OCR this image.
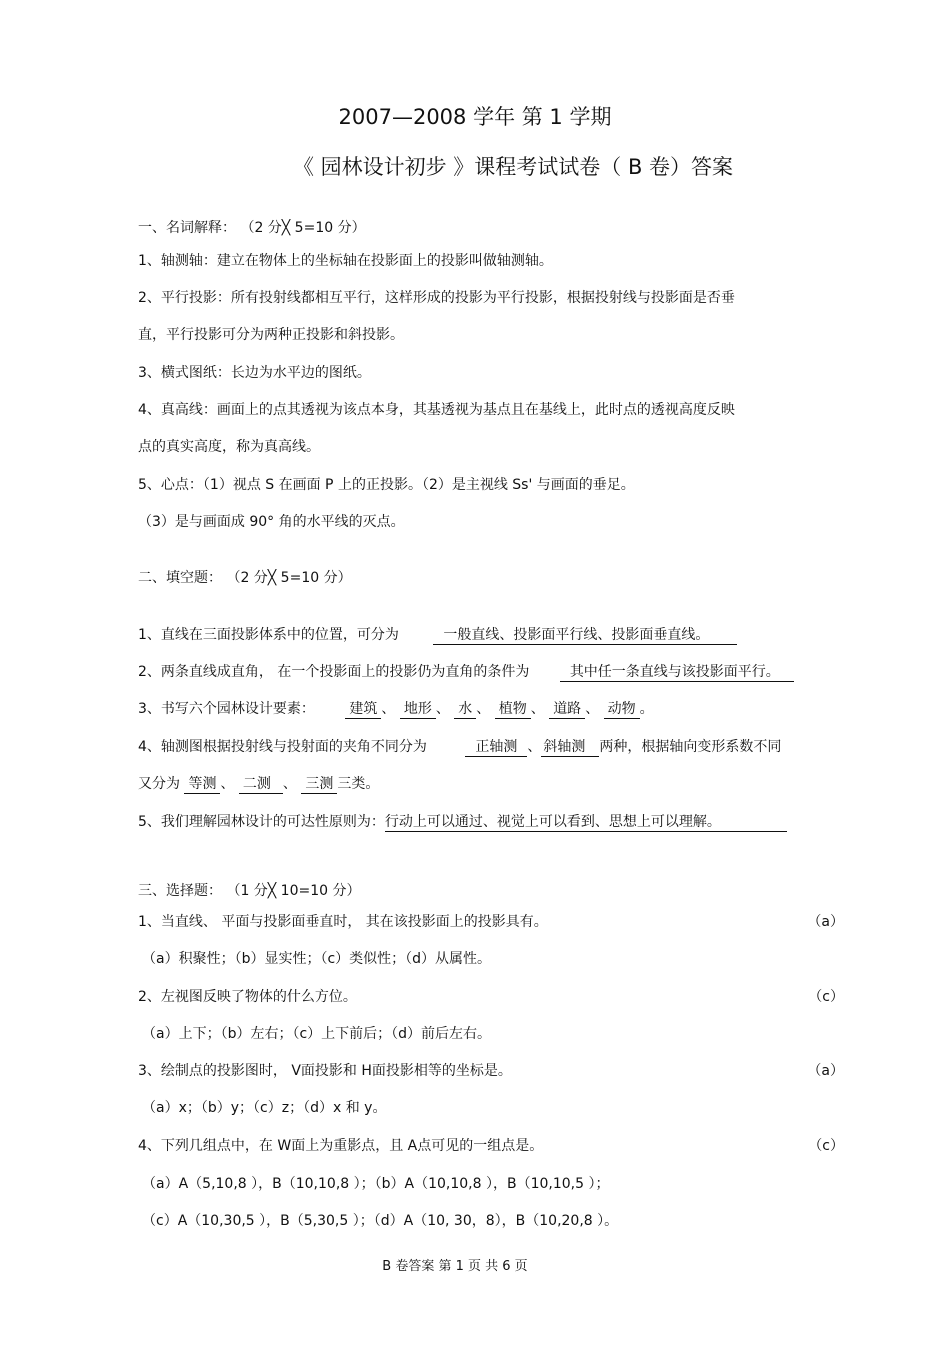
2007—2008 学年 第 1 学期
《 园林设计初步 》课程考试试卷（ B 卷）答案
一、名词解释： （2 分╳ 5=10 分）
1、轴测轴：建立在物体上的坐标轴在投影面上的投影叫做轴测轴。
2、平行投影：所有投射线都相互平行，这样形成的投影为平行投影，根据投射线与投影面是否垂
直，平行投影可分为两种正投影和斜投影。
3、横式图纸：长边为水平边的图纸。
4、真高线：画面上的点其透视为该点本身，其基透视为基点且在基线上，此时点的透视高度反映
点的真实高度，称为真高线。
5、心点：（1）视点 S 在画面 P 上的正投影。（2）是主视线 Ss' 与画面的垂足。
（3）是与画面成 90° 角的水平线的灭点。
二、填空题： （2 分╳ 5=10 分）
1、直线在三面投影体系中的位置，可分为	一般直线、投影面平行线、投影面垂直线。
2、两条直线成直角， 在一个投影面上的投影仍为直角的条件为	其中任一条直线与该投影面平行。
3、书写六个园林设计要素： 建筑 、 地形 、 水 、 植物 、 道路 、 动物 。
4、轴测图根据投射线与投射面的夹角不同分为	正轴测 、 斜轴测 两种，根据轴向变形系数不同
又分为 等测 、 二测 、 三测 三类。
5、我们理解园林设计的可达性原则为：行动上可以通过、视觉上可以看到、思想上可以理解。
三、选择题： （1 分╳ 10=10 分）
1、当直线、 平面与投影面垂直时， 其在该投影面上的投影具有。	（a）
（a）积聚性；（b）显实性；（c）类似性；（d）从属性。
2、左视图反映了物体的什么方位。	（c）
（a）上下；（b）左右；（c）上下前后；（d）前后左右。
3、绘制点的投影图时， V面投影和 H面投影相等的坐标是。	（a）
（a）x；（b）y；（c）z；（d）x 和 y。
4、下列几组点中，在 W面上为重影点，且 A点可见的一组点是。	（c）
（a）A（5,10,8 ），B（10,10,8 ）；（b）A（10,10,8 ），B（10,10,5 ）；
（c）A（10,30,5 ），B（5,30,5 ）；（d）A（10, 30，8），B（10,20,8 ）。
B 卷答案 第 1 页 共 6 页
